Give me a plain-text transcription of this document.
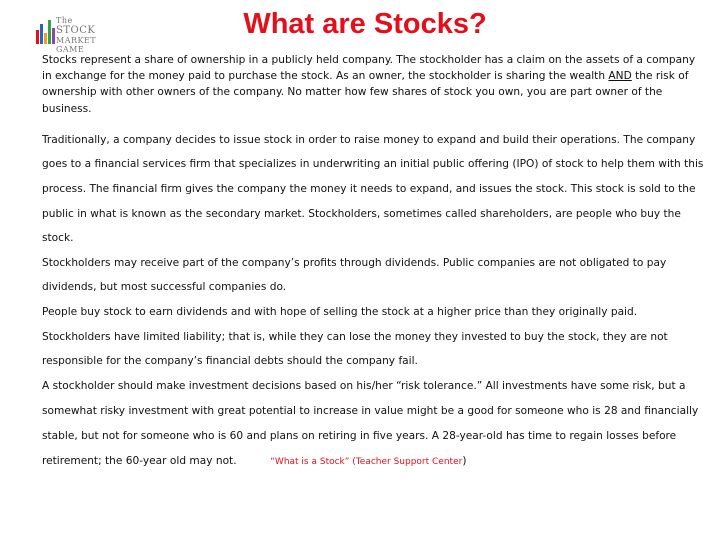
The
STOCK
MARKET
GAME
What are Stocks?

Stocks represent a share of ownership in a publicly held company. The stockholder has a claim on the assets of a company in exchange for the money paid to purchase the stock. As an owner, the stockholder is sharing the wealth AND the risk of ownership with other owners of the company. No matter how few shares of stock you own, you are part owner of the business.

Traditionally, a company decides to issue stock in order to raise money to expand and build their operations. The company goes to a financial services firm that specializes in underwriting an initial public offering (IPO) of stock to help them with this process. The financial firm gives the company the money it needs to expand, and issues the stock. This stock is sold to the public in what is known as the secondary market. Stockholders, sometimes called shareholders, are people who buy the stock.

Stockholders may receive part of the company’s profits through dividends. Public companies are not obligated to pay dividends, but most successful companies do.

People buy stock to earn dividends and with hope of selling the stock at a higher price than they originally paid.

Stockholders have limited liability; that is, while they can lose the money they invested to buy the stock, they are not responsible for the company’s financial debts should the company fail.

A stockholder should make investment decisions based on his/her “risk tolerance.” All investments have some risk, but a somewhat risky investment with great potential to increase in value might be a good for someone who is 28 and financially stable, but not for someone who is 60 and plans on retiring in five years. A 28-year-old has time to regain losses before retirement; the 60-year old may not.	“What is a Stock” (Teacher Support Center)
